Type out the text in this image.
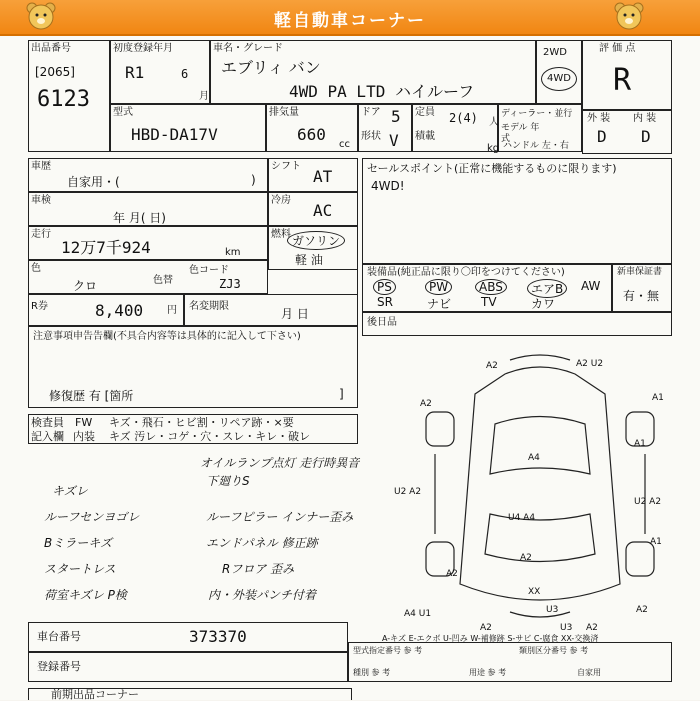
軽自動車コーナー
出品番号
[2065]
6123
初度登録年月
R1	6
月
車名・グレード
エブリィ バン
4WD PA LTD ハイルーフ
2WD
4WD
評 価 点
R
型式
HBD-DA17V
排気量
660
cc
ドア 5
形状 V
定員 2(4) 人
積載
kg
ディーラー・並行
モデル 年式
ハンドル 左・右
外 装 内 装
D D
車歴
自家用・(	)
シフト
AT
車検
年 月( 日)
冷房
AC
走行
12万7千924	km
燃料 ガソリン
軽 油
色
クロ	色替
色コード
ZJ3
R券	8,400 円 名変期限
月 日
セールスポイント(正常に機能するものに限ります)
4WD!
装備品(純正品に限り〇印をつけてください)
PS	PW	ABS	エアB	AW
SR	ナビ TV	カワ
新車保証書
有・無
後日品
注意事項申告告欄(不具合内容等は具体的に記入して下さい)
修復歴 有 [箇所	]
検査員
記入欄
FW
内装
キズ・飛石・ヒビ割・リペア跡・×要
キズ 汚レ・コゲ・穴・スレ・キレ・破レ
オイルランプ点灯 走行時異音
下廻りS
キズレ
ルーフセンヨゴレ
Bミラーキズ
スタートレス
荷室キズレ P検
ルーフピラー インナー歪み
エンドパネル 修正跡
Rフロア 歪み
内・外装パンチ付着
A2	A2 U2
A1
A2
A1
A4
U2 A2
U4 A4
U2 A2
A2
A1
XX
A4 U1	U3	A2
A2
A2	U3 A2
A-キズ E-エクボ U-凹み W-補修跡 S-サビ C-腐食 XX-交換済
車台番号	373370
登録番号
型式指定番号 参 考	類別区分番号 参 考
種別 参 考	用途 参 考	自家用
前期出品コーナー
